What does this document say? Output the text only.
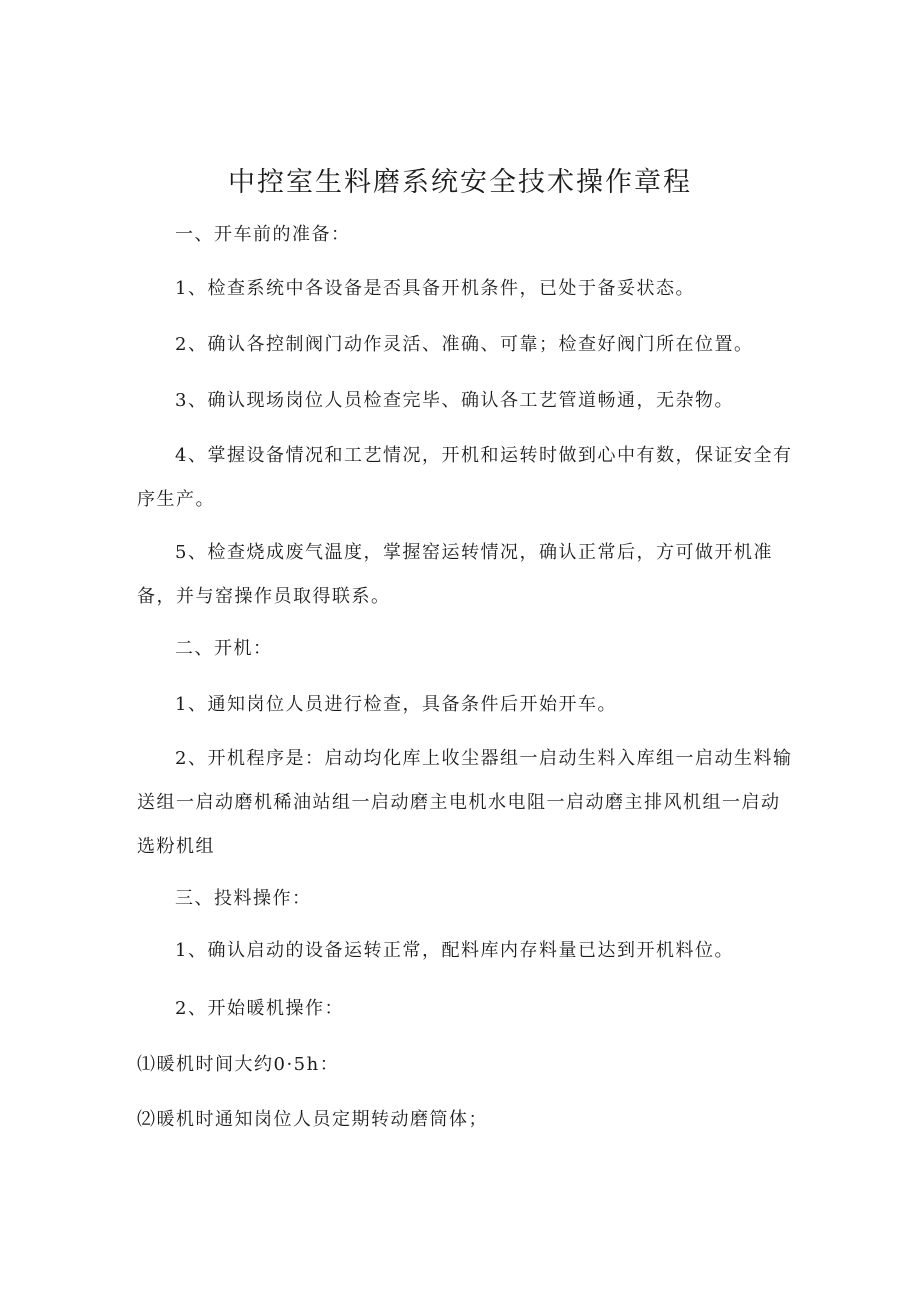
中控室生料磨系统安全技术操作章程

一、开车前的准备：

1、检查系统中各设备是否具备开机条件，已处于备妥状态。

2、确认各控制阀门动作灵活、准确、可靠；检查好阀门所在位置。

3、确认现场岗位人员检查完毕、确认各工艺管道畅通，无杂物。

4、掌握设备情况和工艺情况，开机和运转时做到心中有数，保证安全有序生产。

5、检查烧成废气温度，掌握窑运转情况，确认正常后，方可做开机准备，并与窑操作员取得联系。

二、开机：

1、通知岗位人员进行检查，具备条件后开始开车。

2、开机程序是：启动均化库上收尘器组一启动生料入库组一启动生料输送组一启动磨机稀油站组一启动磨主电机水电阻一启动磨主排风机组一启动选粉机组

三、投料操作：

1、确认启动的设备运转正常，配料库内存料量已达到开机料位。

2、开始暖机操作：

⑴暖机时间大约0·5h：

⑵暖机时通知岗位人员定期转动磨筒体；
